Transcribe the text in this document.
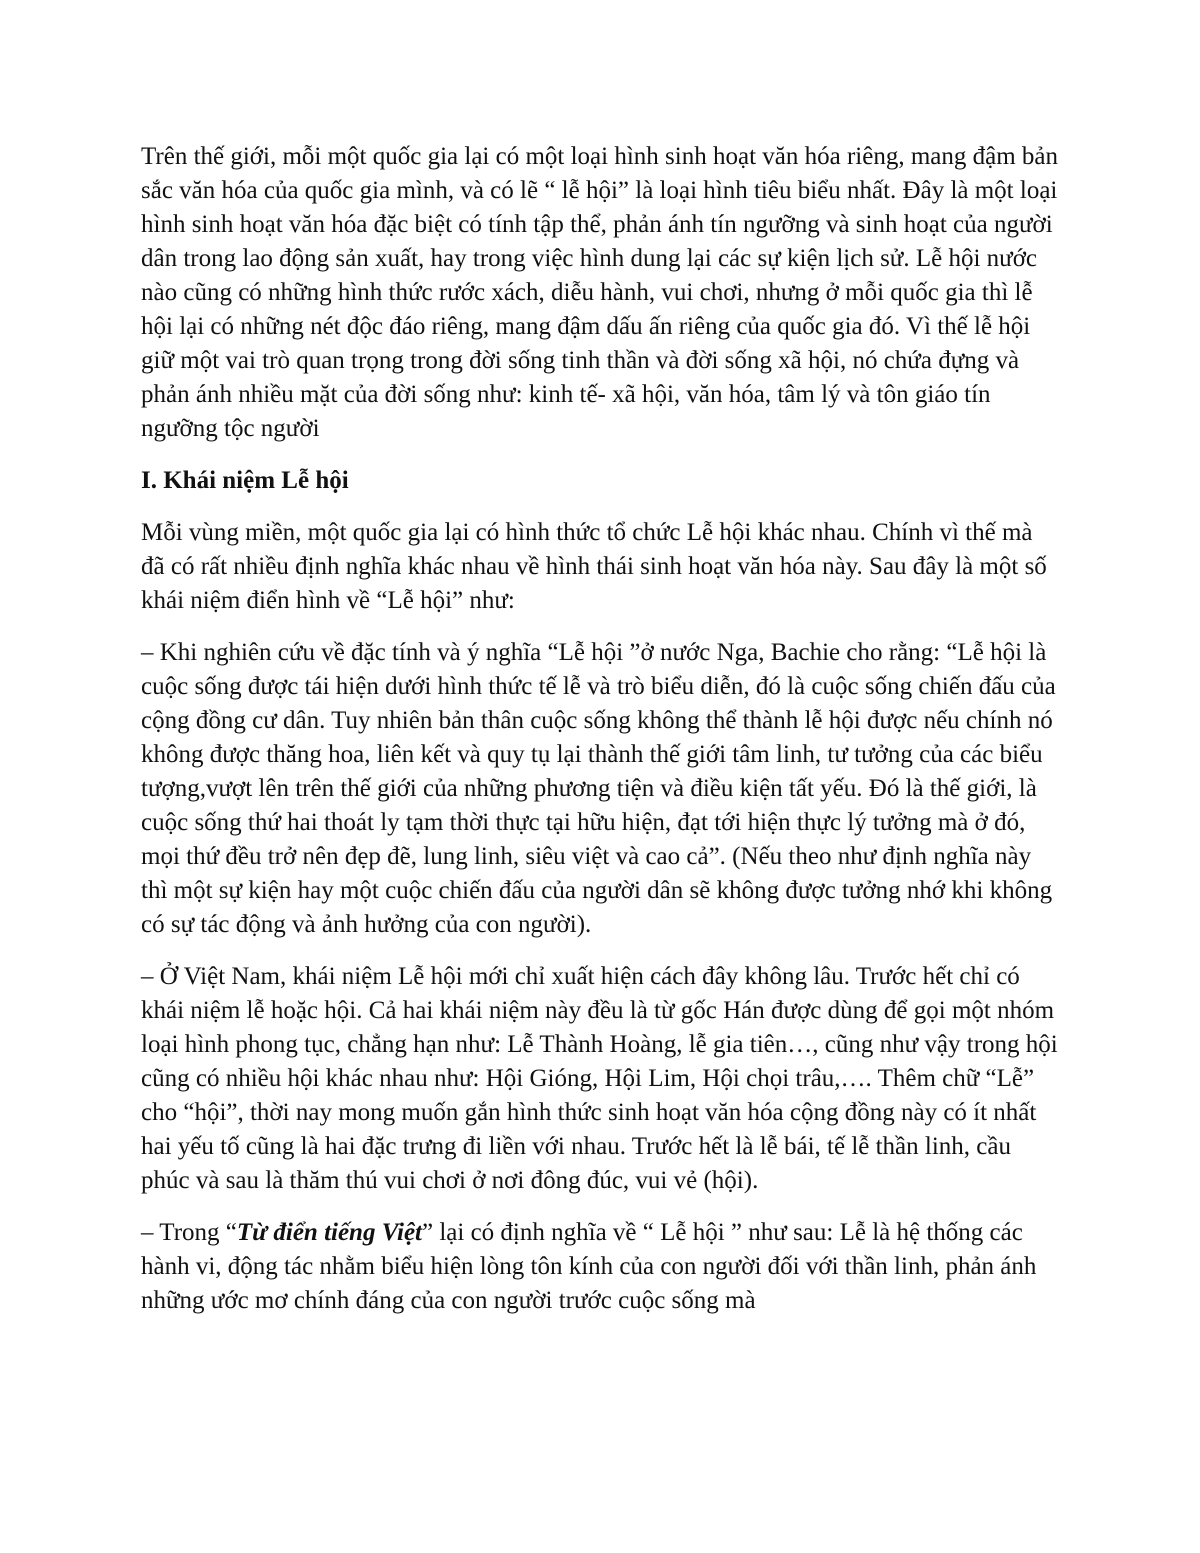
Trên thế giới, mỗi một quốc gia lại có một loại hình sinh hoạt văn hóa riêng, mang đậm bản sắc văn hóa của quốc gia mình, và có lẽ “ lễ hội” là loại hình tiêu biểu nhất. Đây là một loại hình sinh hoạt văn hóa đặc biệt có tính tập thể, phản ánh tín ngưỡng và sinh hoạt của người dân trong lao động sản xuất, hay trong việc hình dung lại các sự kiện lịch sử. Lễ hội nước nào cũng có những hình thức rước xách, diễu hành, vui chơi, nhưng ở mỗi quốc gia thì lễ hội lại có những nét độc đáo riêng, mang đậm dấu ấn riêng của quốc gia đó. Vì thế lễ hội giữ một vai trò quan trọng trong đời sống tinh thần và đời sống xã hội, nó chứa đựng và phản ánh nhiều mặt của đời sống như: kinh tế- xã hội, văn hóa, tâm lý và tôn giáo tín ngưỡng tộc người

I. Khái niệm Lễ hội

Mỗi vùng miền, một quốc gia lại có hình thức tổ chức Lễ hội khác nhau. Chính vì thế mà đã có rất nhiều định nghĩa khác nhau về hình thái sinh hoạt văn hóa này. Sau đây là một số khái niệm điển hình về “Lễ hội” như:

– Khi nghiên cứu về đặc tính và ý nghĩa “Lễ hội ”ở nước Nga, Bachie cho rằng: “Lễ hội là cuộc sống được tái hiện dưới hình thức tế lễ và trò biểu diễn, đó là cuộc sống chiến đấu của cộng đồng cư dân. Tuy nhiên bản thân cuộc sống không thể thành lễ hội được nếu chính nó không được thăng hoa, liên kết và quy tụ lại thành thế giới tâm linh, tư tưởng của các biểu tượng,vượt lên trên thế giới của những phương tiện và điều kiện tất yếu. Đó là thế giới, là cuộc sống thứ hai thoát ly tạm thời thực tại hữu hiện, đạt tới hiện thực lý tưởng mà ở đó, mọi thứ đều trở nên đẹp đẽ, lung linh, siêu việt và cao cả”. (Nếu theo như định nghĩa này thì một sự kiện hay một cuộc chiến đấu của người dân sẽ không được tưởng nhớ khi không có sự tác động và ảnh hưởng của con người).

– Ở Việt Nam, khái niệm Lễ hội mới chỉ xuất hiện cách đây không lâu. Trước hết chỉ có khái niệm lễ hoặc hội. Cả hai khái niệm này đều là từ gốc Hán được dùng để gọi một nhóm loại hình phong tục, chẳng hạn như: Lễ Thành Hoàng, lễ gia tiên…, cũng như vậy trong hội cũng có nhiều hội khác nhau như: Hội Gióng, Hội Lim, Hội chọi trâu,…. Thêm chữ “Lễ” cho “hội”, thời nay mong muốn gắn hình thức sinh hoạt văn hóa cộng đồng này có ít nhất hai yếu tố cũng là hai đặc trưng đi liền với nhau. Trước hết là lễ bái, tế lễ thần linh, cầu phúc và sau là thăm thú vui chơi ở nơi đông đúc, vui vẻ (hội).

– Trong “Từ điển tiếng Việt” lại có định nghĩa về “ Lễ hội ” như sau: Lễ là hệ thống các hành vi, động tác nhằm biểu hiện lòng tôn kính của con người đối với thần linh, phản ánh những ước mơ chính đáng của con người trước cuộc sống mà
